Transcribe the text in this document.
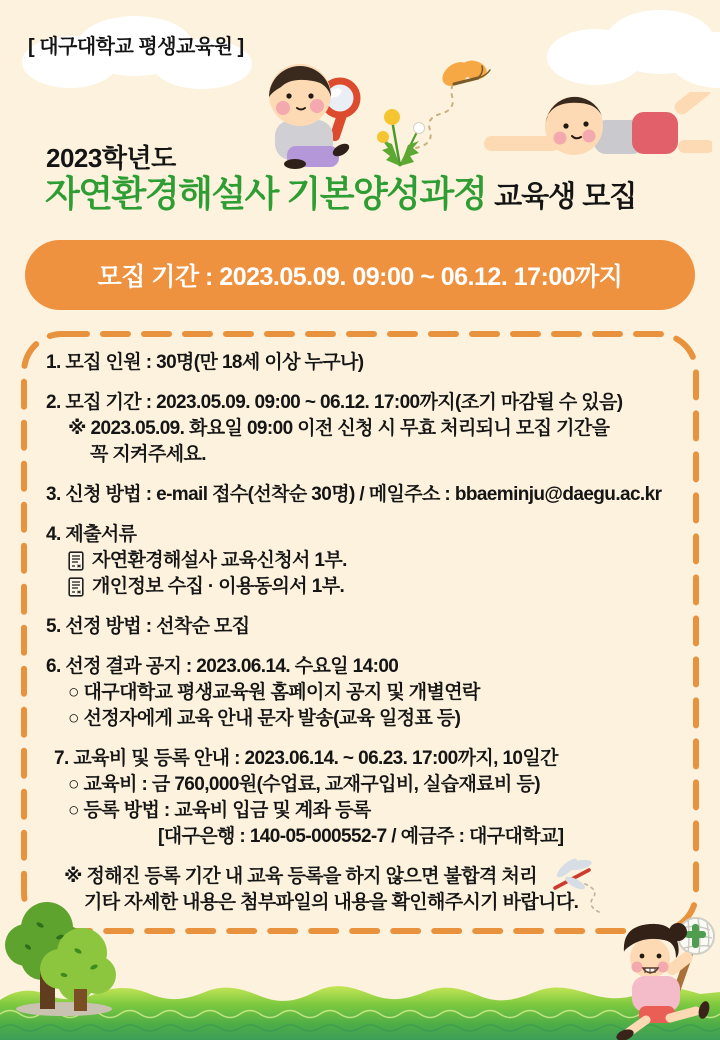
[ 대구대학교 평생교육원 ]
2023학년도
자연환경해설사 기본양성과정 교육생 모집
모집 기간 : 2023.05.09. 09:00 ~ 06.12. 17:00까지

1. 모집 인원 : 30명(만 18세 이상 누구나)

2. 모집 기간 : 2023.05.09. 09:00 ~ 06.12. 17:00까지(조기 마감될 수 있음)

※ 2023.05.09. 화요일 09:00 이전 신청 시 무효 처리되니 모집 기간을

꼭 지켜주세요.

3. 신청 방법 : e-mail 접수(선착순 30명) / 메일주소 : bbaeminju@daegu.ac.kr

4. 제출서류

자연환경해설사 교육신청서 1부.

개인정보 수집 · 이용동의서 1부.

5. 선정 방법 : 선착순 모집

6. 선정 결과 공지 : 2023.06.14. 수요일 14:00

○ 대구대학교 평생교육원 홈페이지 공지 및 개별연락

○ 선정자에게 교육 안내 문자 발송(교육 일정표 등)

7. 교육비 및 등록 안내 : 2023.06.14. ~ 06.23. 17:00까지, 10일간

○ 교육비 : 금 760,000원(수업료, 교재구입비, 실습재료비 등)

○ 등록 방법 : 교육비 입금 및 계좌 등록

[대구은행 : 140-05-000552-7 / 예금주 : 대구대학교]

※ 정해진 등록 기간 내 교육 등록을 하지 않으면 불합격 처리

기타 자세한 내용은 첨부파일의 내용을 확인해주시기 바랍니다.
